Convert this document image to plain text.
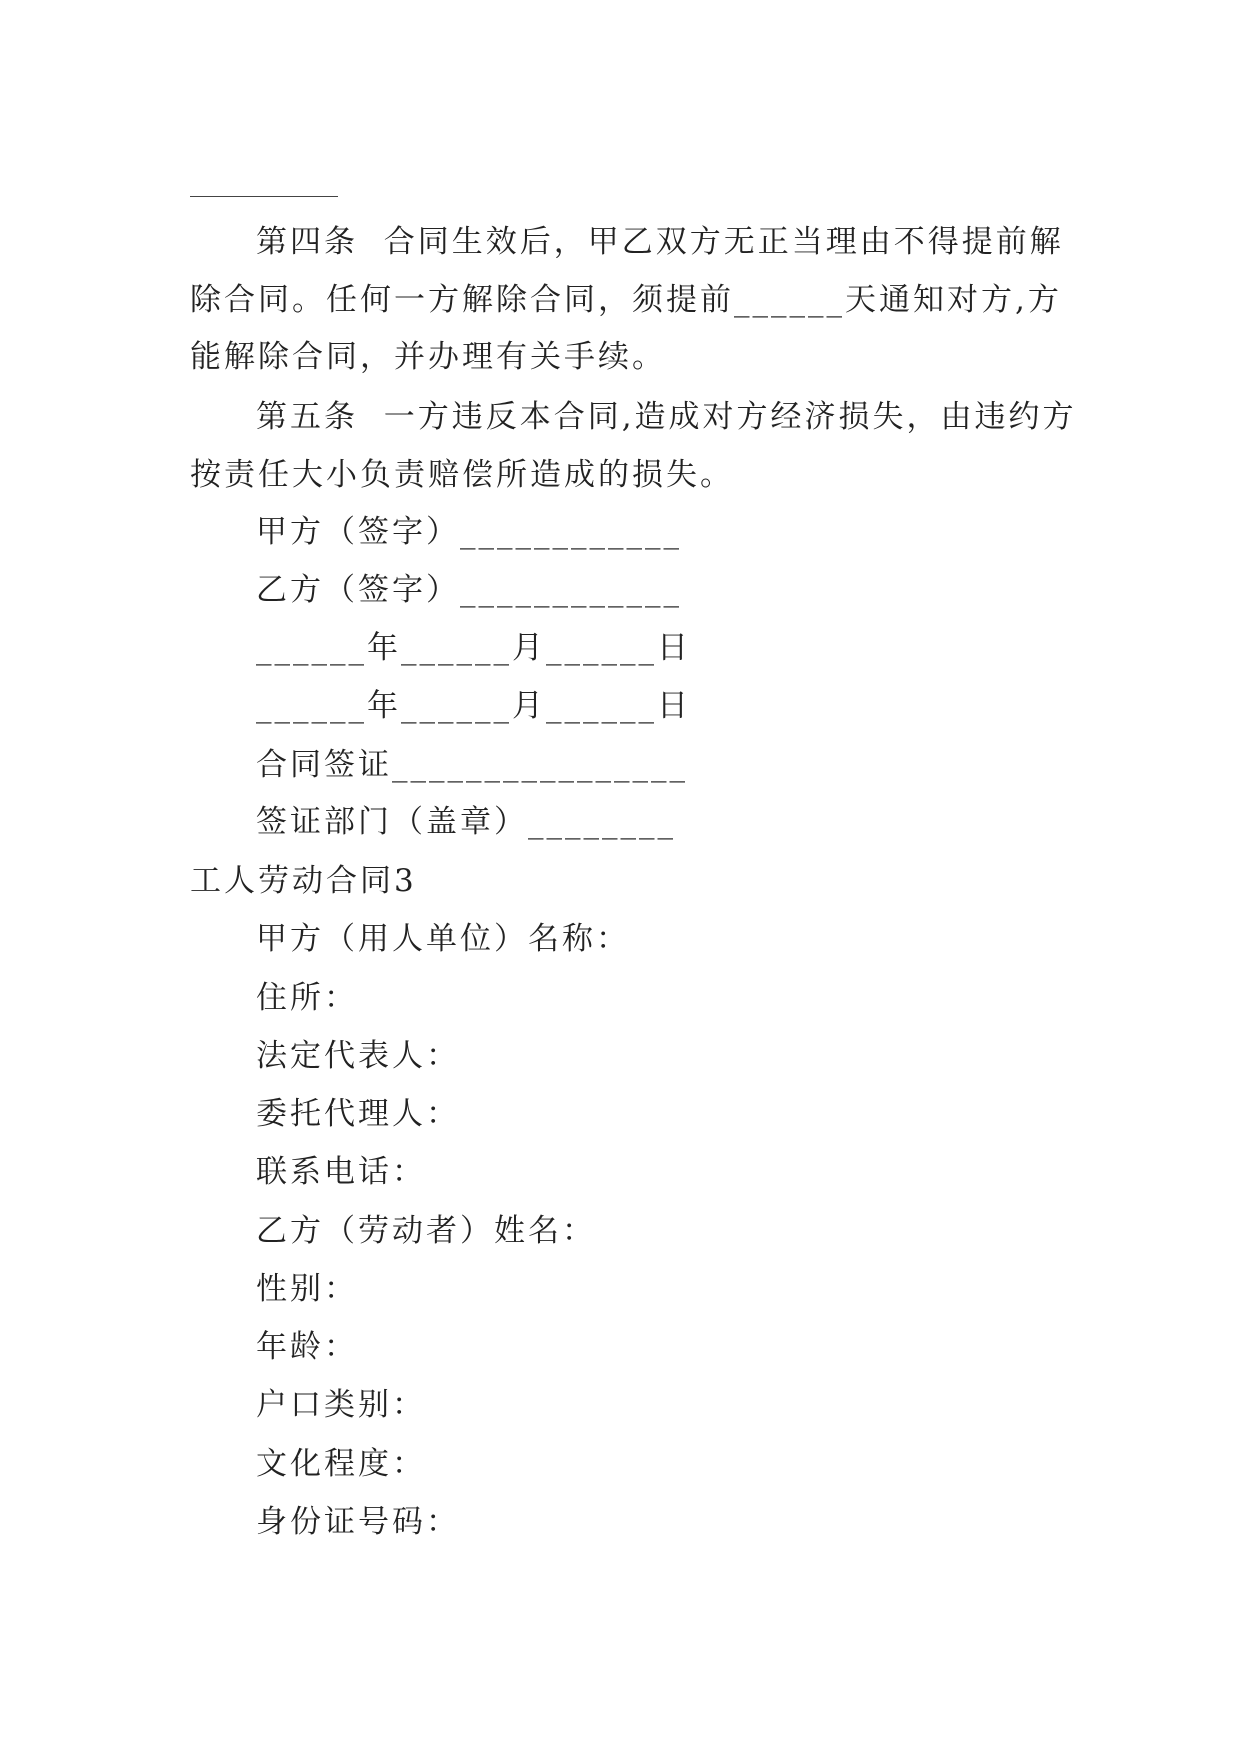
第四条  合同生效后，甲乙双方无正当理由不得提前解
除合同。任何一方解除合同，须提前______天通知对方,方
能解除合同，并办理有关手续。
第五条  一方违反本合同,造成对方经济损失，由违约方
按责任大小负责赔偿所造成的损失。
甲方（签字）____________
乙方（签字）____________
______年______月______日
______年______月______日
合同签证________________
签证部门（盖章）________
工人劳动合同3
甲方（用人单位）名称：
住所：
法定代表人：
委托代理人：
联系电话：
乙方（劳动者）姓名：
性别：
年龄：
户口类别：
文化程度：
身份证号码：
